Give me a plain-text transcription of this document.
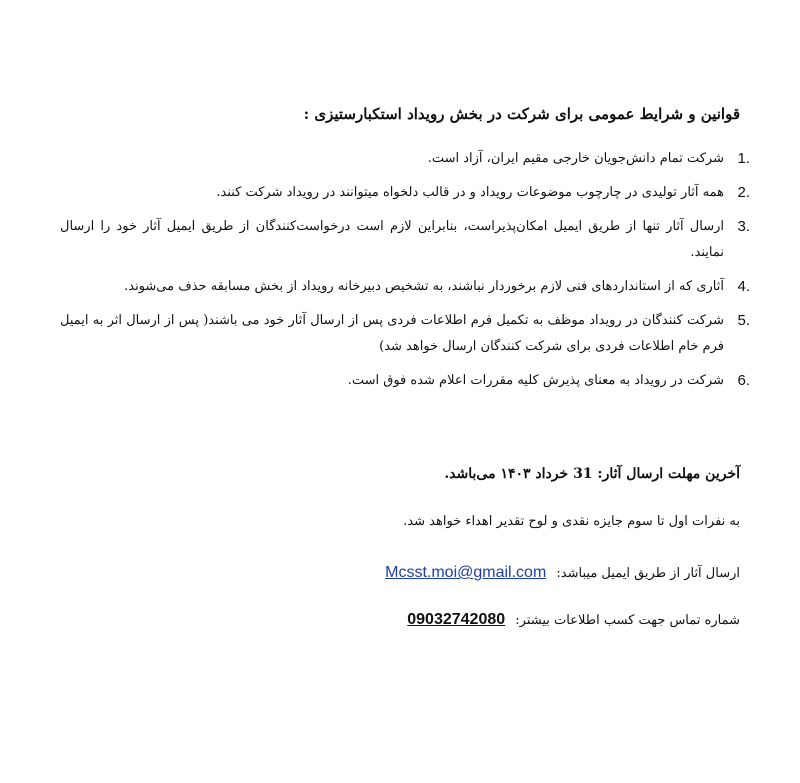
قوانین و شرایط عمومی برای شرکت در بخش رویداد استکبارستیزی :
1.
شرکت تمام دانش‌جویان خارجی مقیم ایران، آزاد است.
2.
همه آثار تولیدی در چارچوب موضوعات رویداد و در قالب دلخواه میتوانند در رویداد شرکت کنند.
3.
ارسال آثار تنها از طریق ایمیل امکان‌پذیراست، بنابراین لازم است درخواست‌کنندگان از طریق ایمیل آثار خود را ارسال نمایند.
4.
آثاری که از استانداردهای فنی لازم برخوردار نباشند، به تشخیص دبیرخانه رویداد از بخش مسابقه حذف می‌شوند.
5.
شرکت کنندگان در رویداد موظف به تکمیل فرم اطلاعات فردی پس از ارسال آثار خود می باشند( پس از ارسال اثر به ایمیل فرم خام اطلاعات فردی برای شرکت کنندگان ارسال خواهد شد)
6.
شرکت در رویداد به معنای پذیرش کلیه مقررات اعلام شده فوق است.
آخرین مهلت ارسال آثار: 31 خرداد ۱۴۰۳ می‌باشد.
به نفرات اول تا سوم جایزه نقدی و لوح تقدیر اهداء خواهد شد.
ارسال آثار از طریق ایمیل میباشد: Mcsst.moi@gmail.com
شماره تماس جهت کسب اطلاعات بیشتر: 09032742080
